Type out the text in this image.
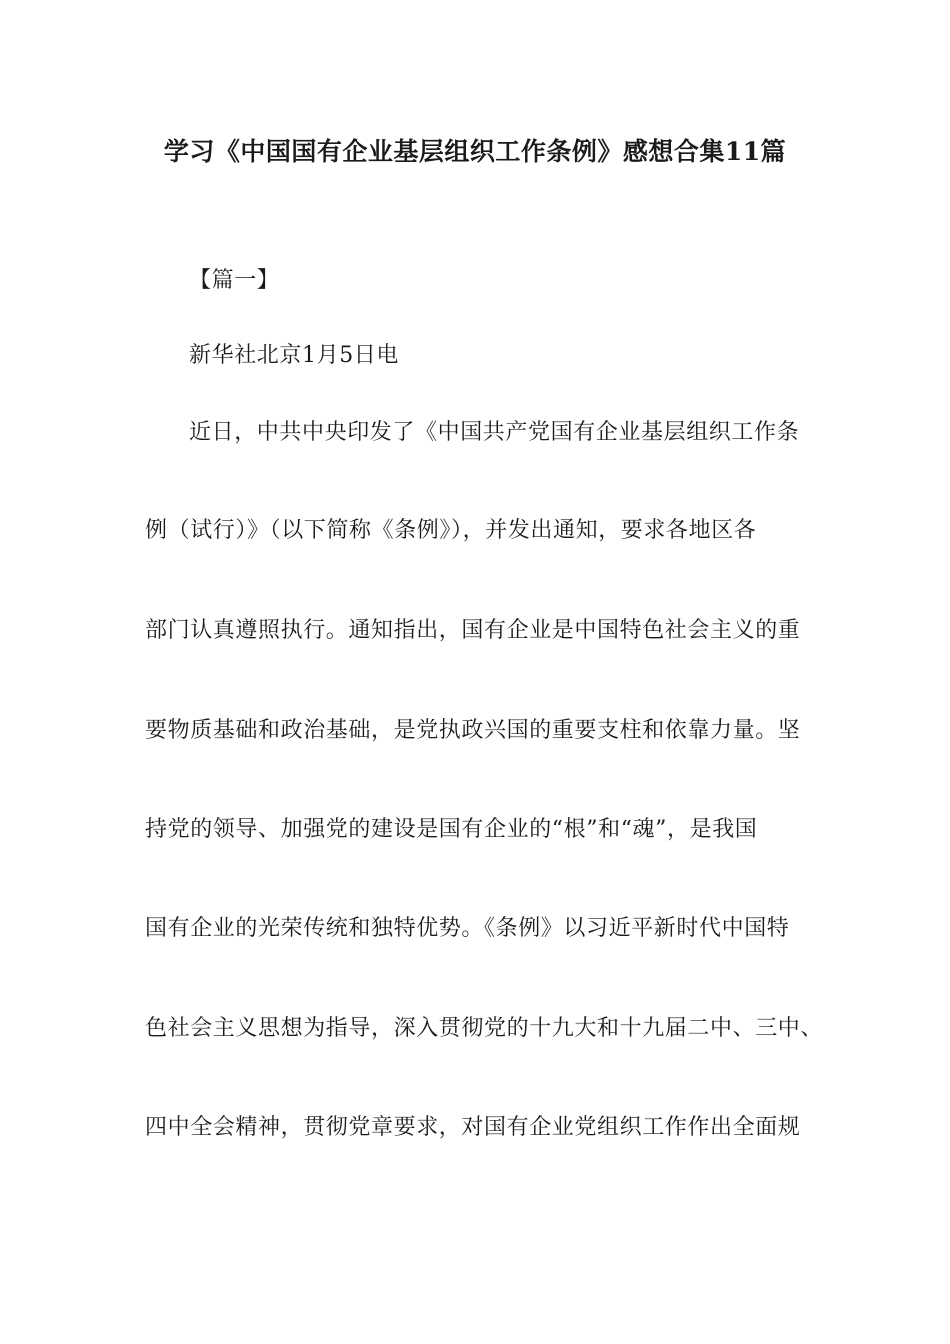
学习《中国国有企业基层组织工作条例》感想合集11篇
【篇一】
新华社北京1月5日电
近日，中共中央印发了《中国共产党国有企业基层组织工作条
例（试行）》（以下简称《条例》），并发出通知，要求各地区各
部门认真遵照执行。通知指出，国有企业是中国特色社会主义的重
要物质基础和政治基础，是党执政兴国的重要支柱和依靠力量。坚
持党的领导、加强党的建设是国有企业的“根”和“魂”，是我国
国有企业的光荣传统和独特优势。《条例》以习近平新时代中国特
色社会主义思想为指导，深入贯彻党的十九大和十九届二中、三中、
四中全会精神，贯彻党章要求，对国有企业党组织工作作出全面规
